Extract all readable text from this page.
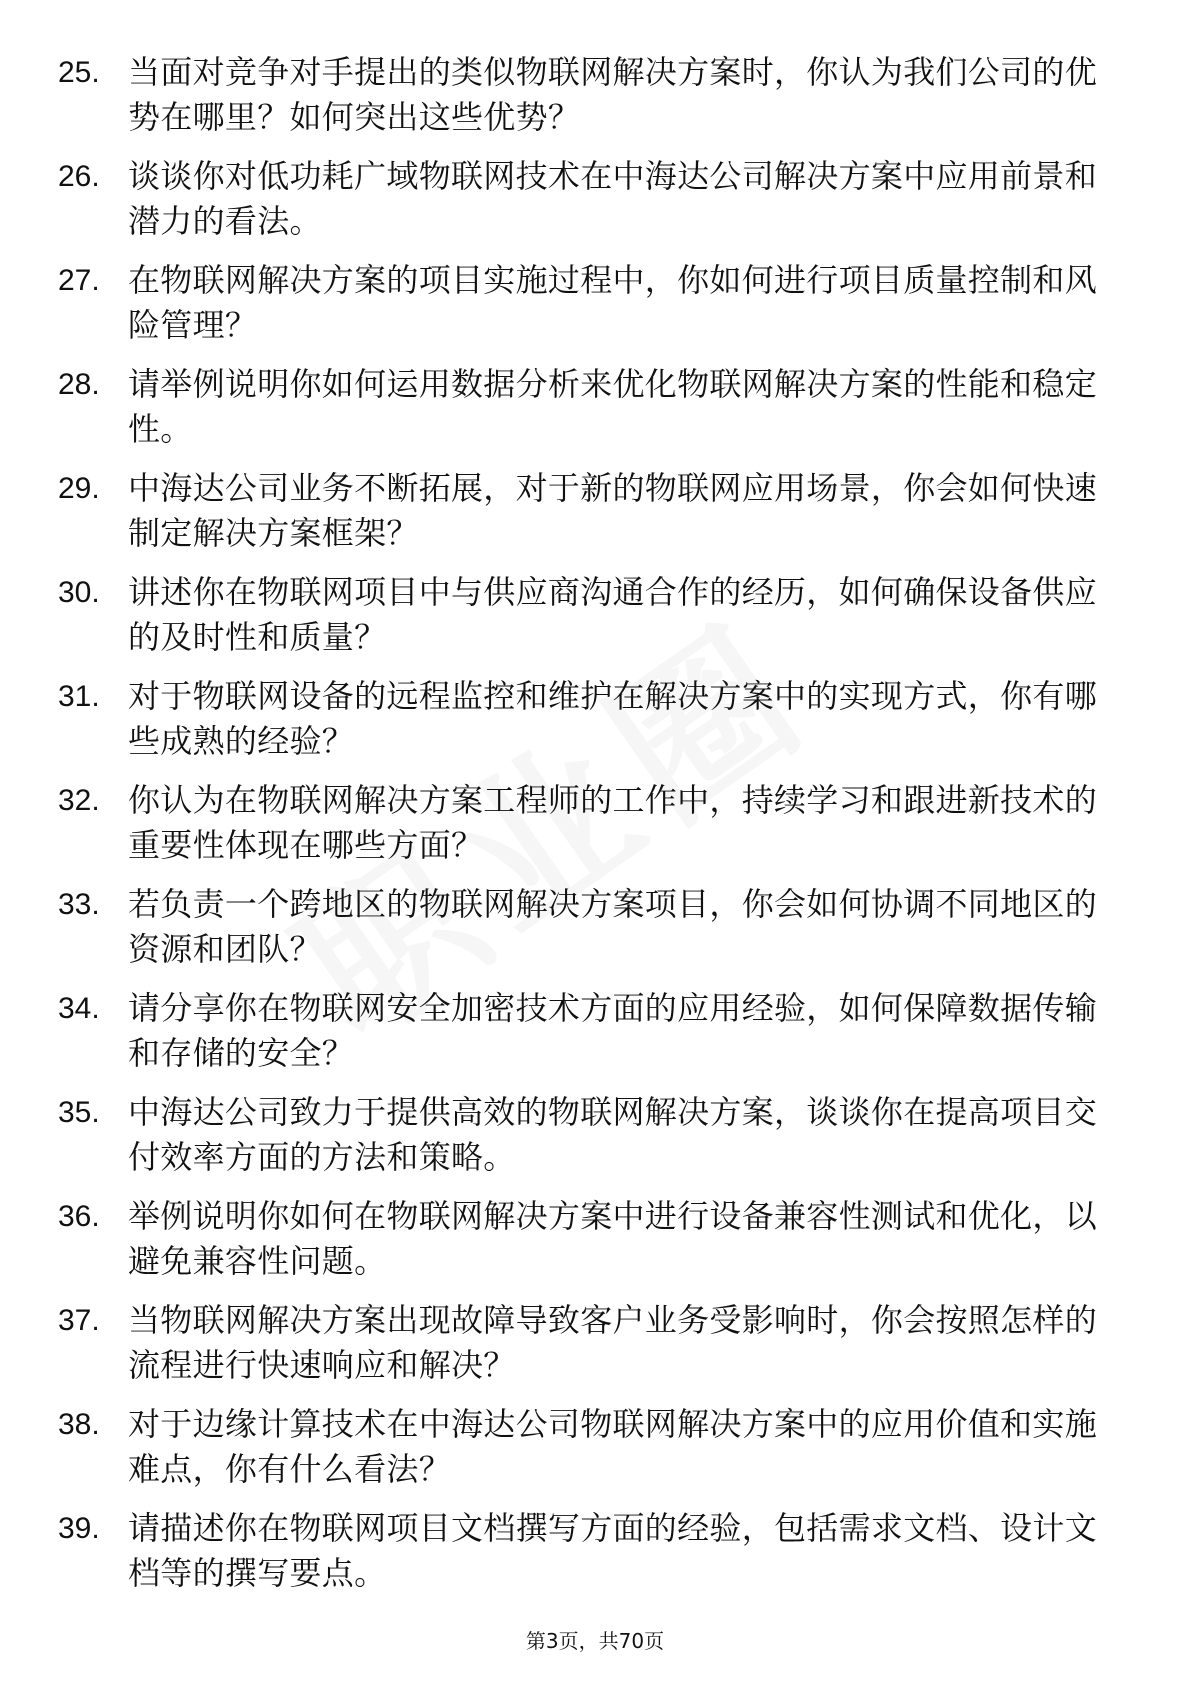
25. 当面对竞争对手提出的类似物联网解决方案时，你认为我们公司的优势在哪里？如何突出这些优势？
26. 谈谈你对低功耗广域物联网技术在中海达公司解决方案中应用前景和潜力的看法。
27. 在物联网解决方案的项目实施过程中，你如何进行项目质量控制和风险管理？
28. 请举例说明你如何运用数据分析来优化物联网解决方案的性能和稳定性。
29. 中海达公司业务不断拓展，对于新的物联网应用场景，你会如何快速制定解决方案框架？
30. 讲述你在物联网项目中与供应商沟通合作的经历，如何确保设备供应的及时性和质量？
31. 对于物联网设备的远程监控和维护在解决方案中的实现方式，你有哪些成熟的经验？
32. 你认为在物联网解决方案工程师的工作中，持续学习和跟进新技术的重要性体现在哪些方面？
33. 若负责一个跨地区的物联网解决方案项目，你会如何协调不同地区的资源和团队？
34. 请分享你在物联网安全加密技术方面的应用经验，如何保障数据传输和存储的安全？
35. 中海达公司致力于提供高效的物联网解决方案，谈谈你在提高项目交付效率方面的方法和策略。
36. 举例说明你如何在物联网解决方案中进行设备兼容性测试和优化，以避免兼容性问题。
37. 当物联网解决方案出现故障导致客户业务受影响时，你会按照怎样的流程进行快速响应和解决？
38. 对于边缘计算技术在中海达公司物联网解决方案中的应用价值和实施难点，你有什么看法？
39. 请描述你在物联网项目文档撰写方面的经验，包括需求文档、设计文档等的撰写要点。
第3页，共70页
